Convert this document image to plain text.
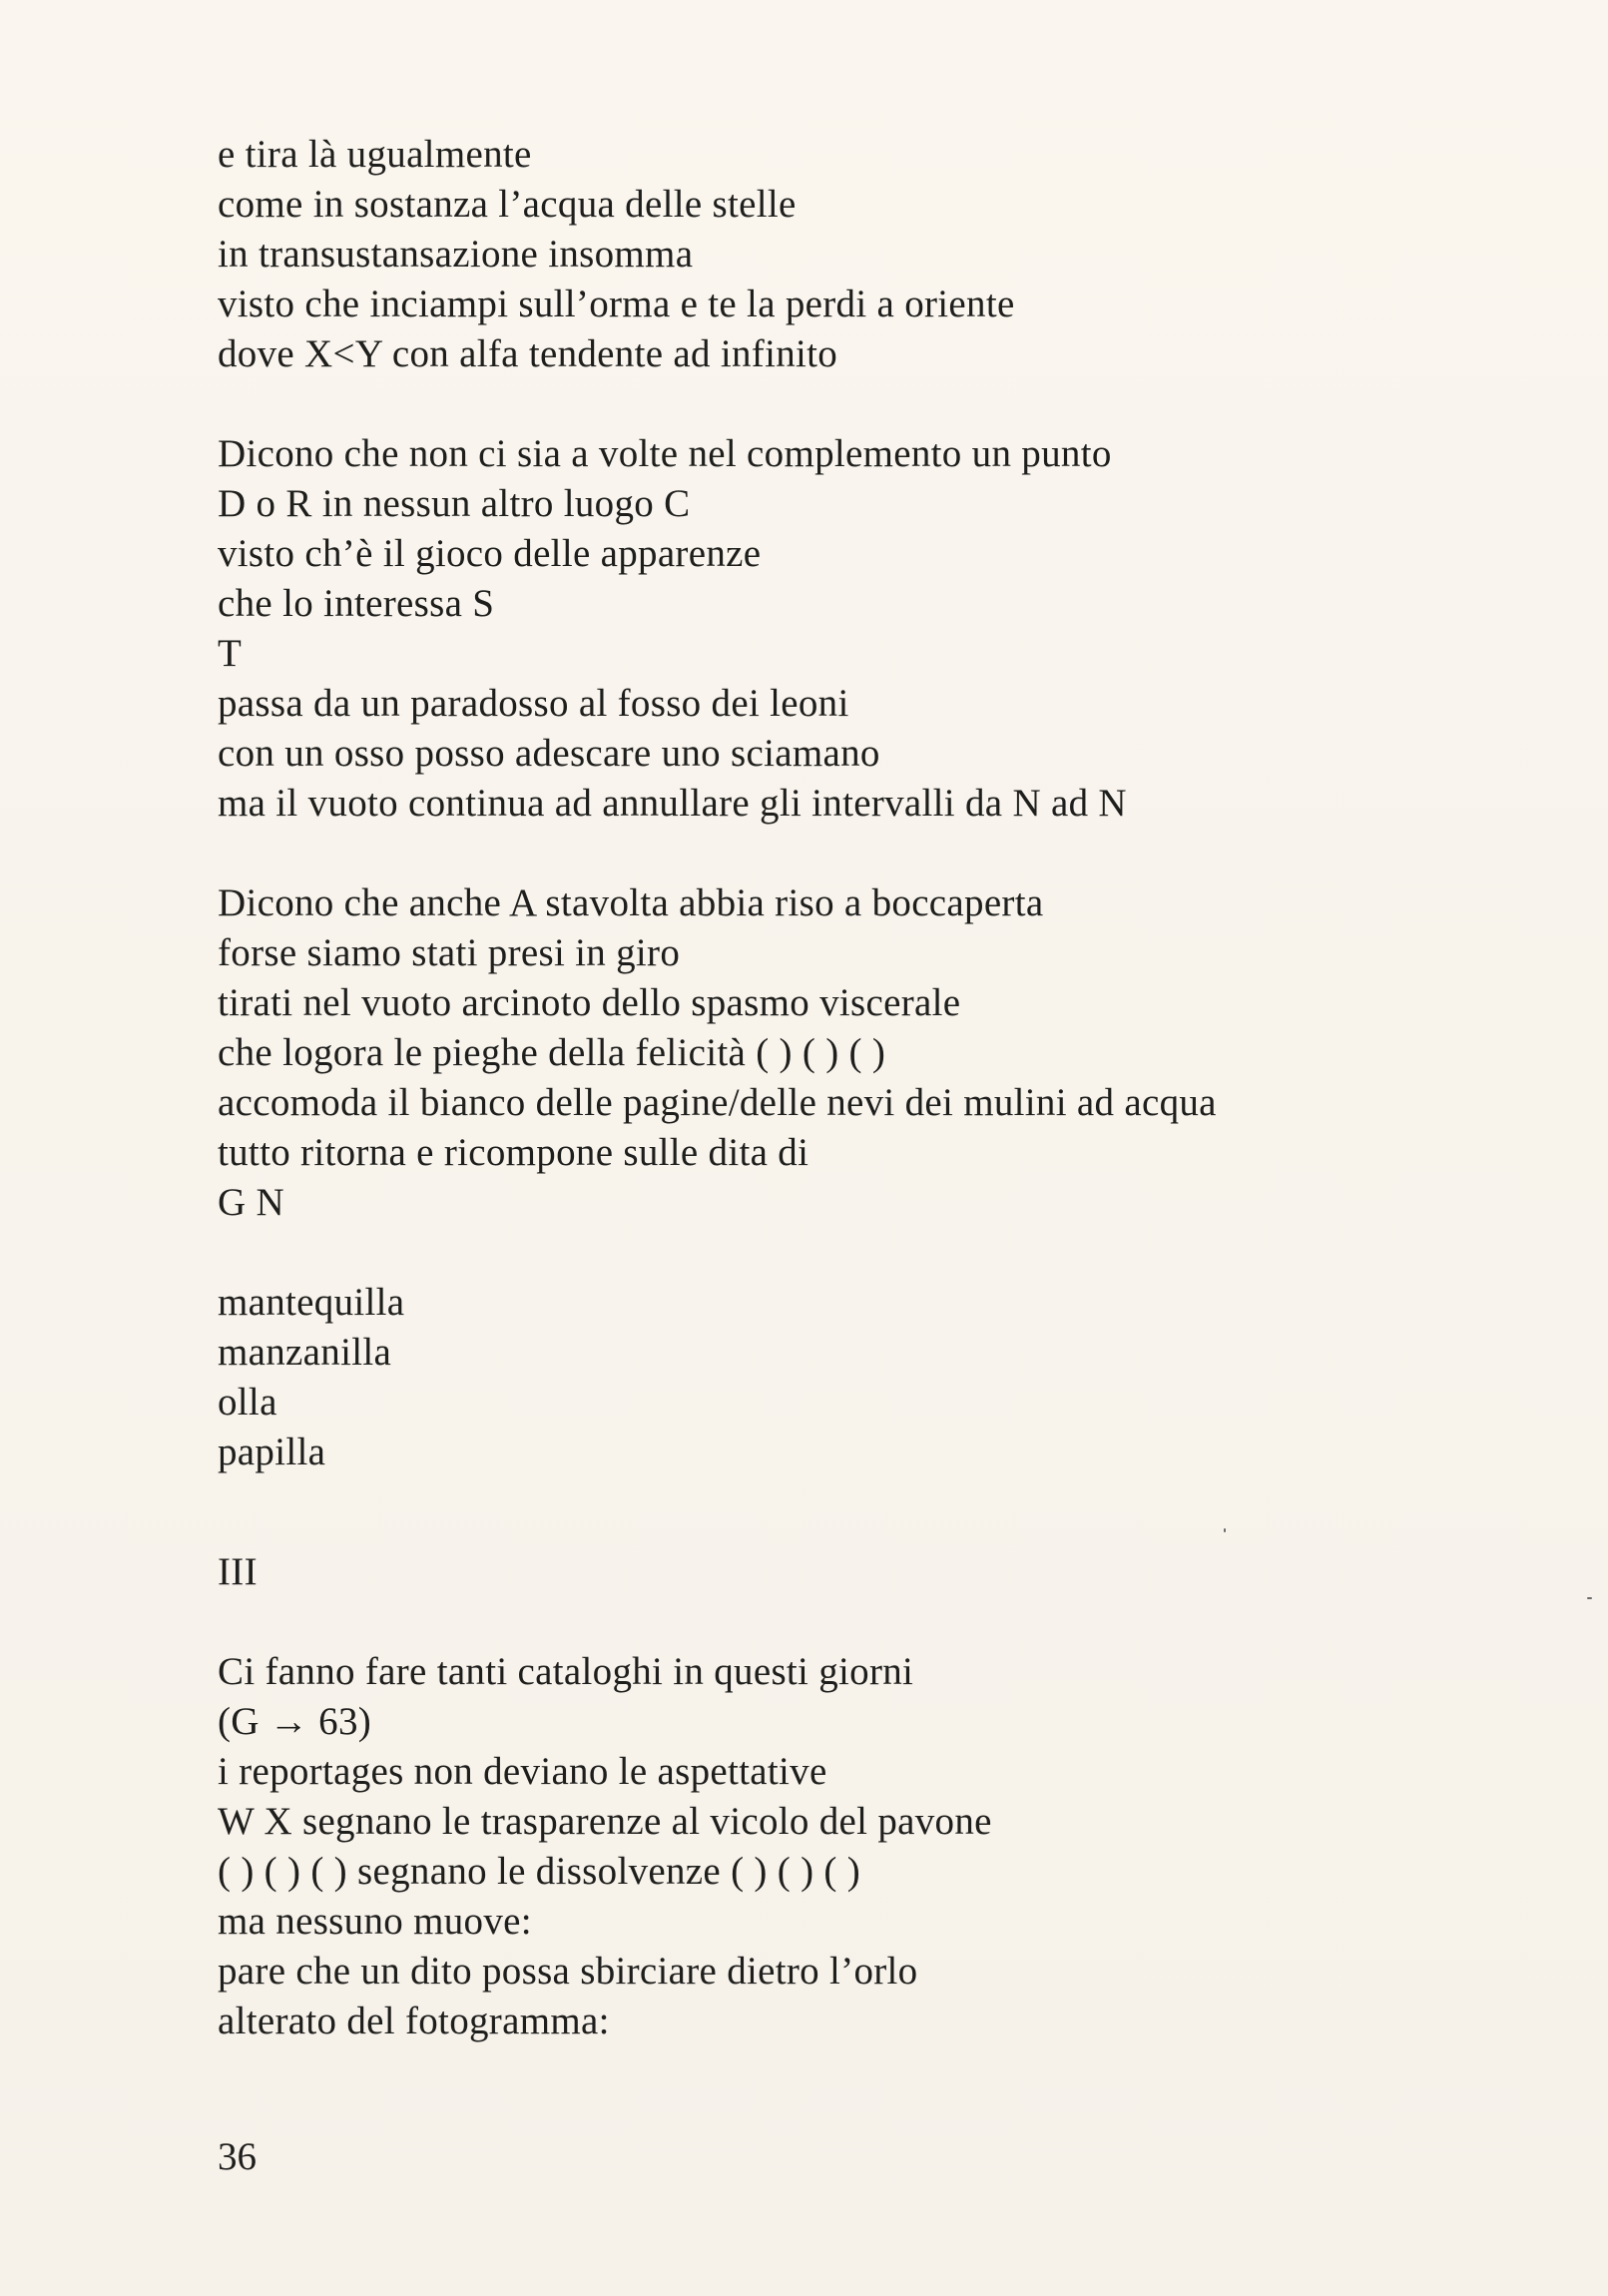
e tira là ugualmente
come in sostanza l’acqua delle stelle
in transustansazione insomma
visto che inciampi sull’orma e te la perdi a oriente
dove X<Y con alfa tendente ad infinito
Dicono che non ci sia a volte nel complemento un punto
D o R in nessun altro luogo C
visto ch’è il gioco delle apparenze
che lo interessa S
T
passa da un paradosso al fosso dei leoni
con un osso posso adescare uno sciamano
ma il vuoto continua ad annullare gli intervalli da N ad N
Dicono che anche A stavolta abbia riso a boccaperta
forse siamo stati presi in giro
tirati nel vuoto arcinoto dello spasmo viscerale
che logora le pieghe della felicità ( ) ( ) ( )
accomoda il bianco delle pagine/delle nevi dei mulini ad acqua
tutto ritorna e ricompone sulle dita di
G N
mantequilla
manzanilla
olla
papilla
III
Ci fanno fare tanti cataloghi in questi giorni
(G → 63)
i reportages non deviano le aspettative
W X segnano le trasparenze al vicolo del pavone
( ) ( ) ( ) segnano le dissolvenze ( ) ( ) ( )
ma nessuno muove:
pare che un dito possa sbirciare dietro l’orlo
alterato del fotogramma:
36
